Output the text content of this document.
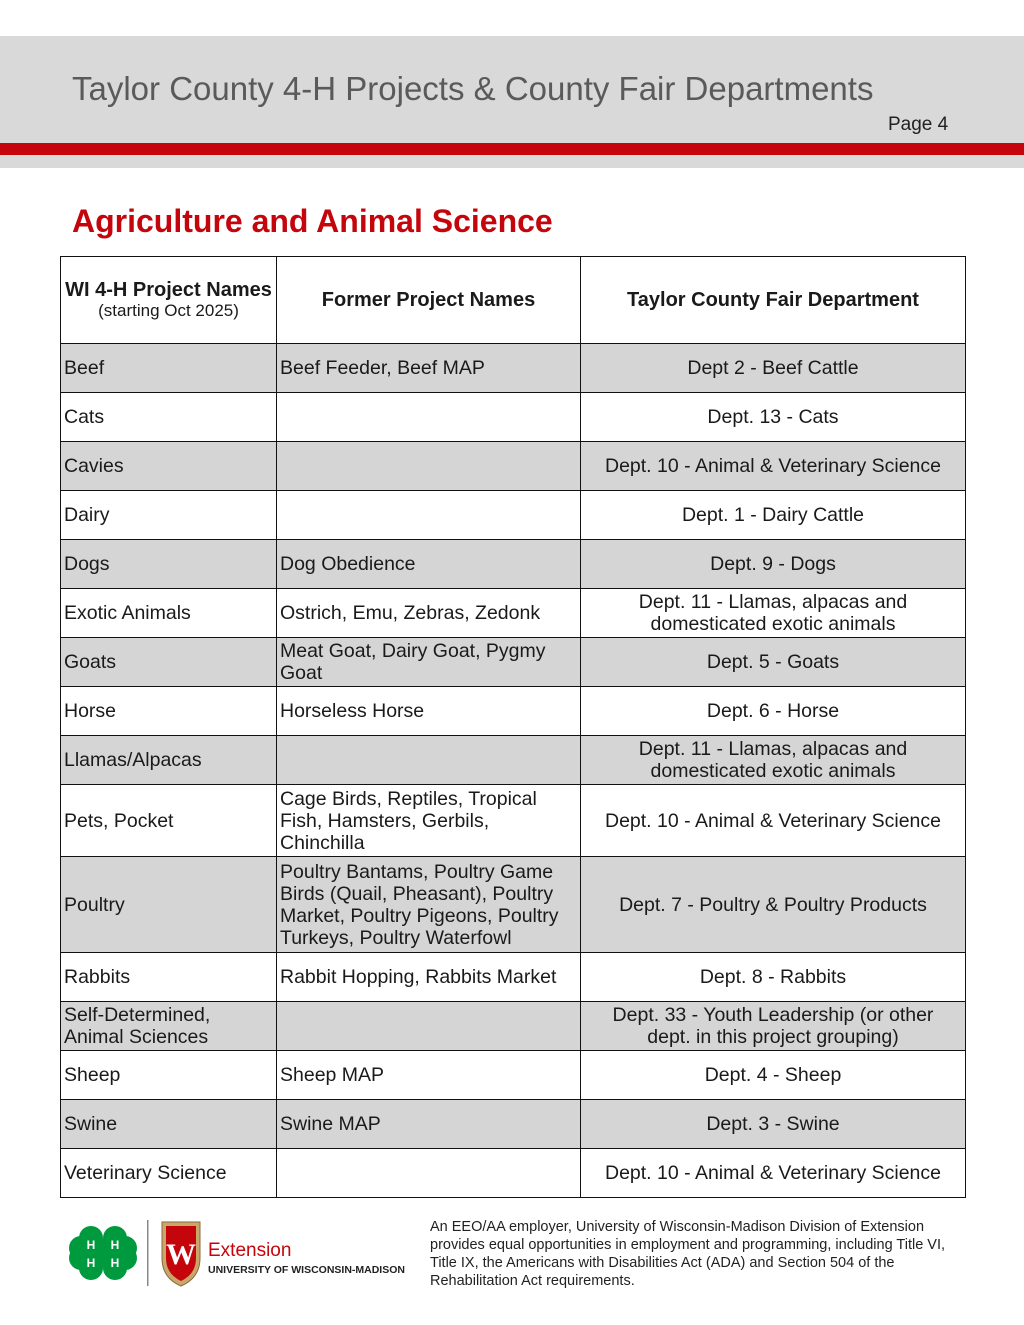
Taylor County 4-H Projects & County Fair Departments
Page 4
Agriculture and Animal Science
WI 4-H Project Names
(starting Oct 2025)	Former Project Names	Taylor County Fair Department
Beef	Beef Feeder, Beef MAP	Dept 2 - Beef Cattle
Cats		Dept. 13 - Cats
Cavies		Dept. 10 - Animal & Veterinary Science
Dairy		Dept. 1 - Dairy Cattle
Dogs	Dog Obedience	Dept. 9 - Dogs
Exotic Animals	Ostrich, Emu, Zebras, Zedonk	Dept. 11 - Llamas, alpacas and domesticated exotic animals
Goats	Meat Goat, Dairy Goat, Pygmy Goat	Dept. 5 - Goats
Horse	Horseless Horse	Dept. 6 - Horse
Llamas/Alpacas		Dept. 11 - Llamas, alpacas and domesticated exotic animals
Pets, Pocket	Cage Birds, Reptiles, Tropical Fish, Hamsters, Gerbils, Chinchilla	Dept. 10 - Animal & Veterinary Science
Poultry	Poultry Bantams, Poultry Game Birds (Quail, Pheasant), Poultry Market, Poultry Pigeons, Poultry Turkeys, Poultry Waterfowl	Dept. 7 - Poultry & Poultry Products
Rabbits	Rabbit Hopping, Rabbits Market	Dept. 8 - Rabbits
Self-Determined, Animal Sciences		Dept. 33 - Youth Leadership (or other dept. in this project grouping)
Sheep	Sheep MAP	Dept. 4 - Sheep
Swine	Swine MAP	Dept. 3 - Swine
Veterinary Science		Dept. 10 - Animal & Veterinary Science
H H
H H W Extension
UNIVERSITY OF WISCONSIN-MADISON
An EEO/AA employer, University of Wisconsin-Madison Division of Extension provides equal opportunities in employment and programming, including Title VI, Title IX, the Americans with Disabilities Act (ADA) and Section 504 of the Rehabilitation Act requirements.
